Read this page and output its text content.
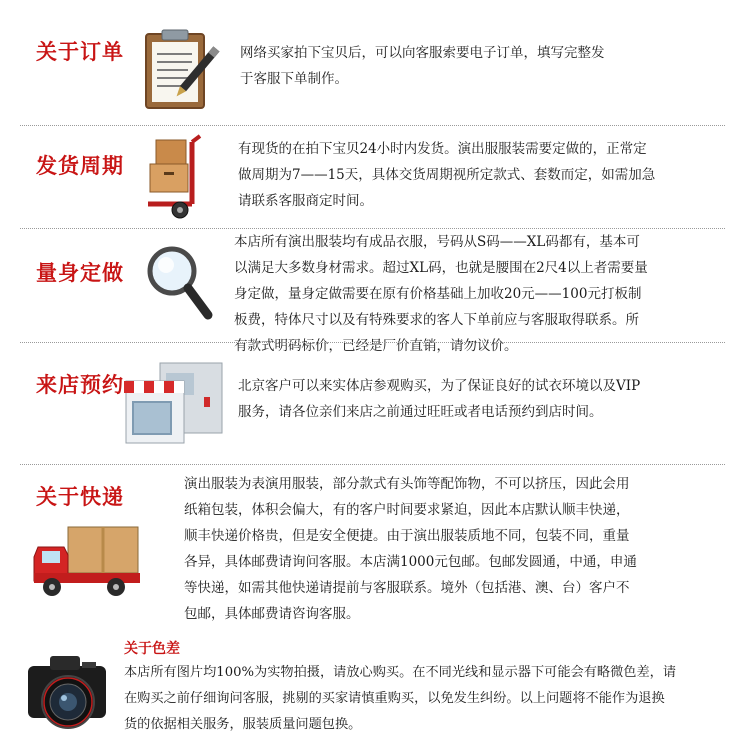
关于订单	网络买家拍下宝贝后，可以向客服索要电子订单，填写完整发
于客服下单制作。
发货周期
有现货的在拍下宝贝24小时内发货。演出服服装需要定做的，正常定
做周期为7——15天，具体交货周期视所定款式、套数而定，如需加急
请联系客服商定时间。
量身定做
本店所有演出服装均有成品衣服，号码从S码——XL码都有，基本可
以满足大多数身材需求。超过XL码，也就是腰围在2尺4以上者需要量
身定做，量身定做需要在原有价格基础上加收20元——100元打板制
板费，特体尺寸以及有特殊要求的客人下单前应与客服取得联系。所
有款式明码标价，已经是厂价直销，请勿议价。
来店预约	北京客户可以来实体店参观购买，为了保证良好的试衣环境以及VIP
服务，请各位亲们来店之前通过旺旺或者电话预约到店时间。
关于快递
演出服装为表演用服装，部分款式有头饰等配饰物，不可以挤压，因此会用
纸箱包装，体积会偏大，有的客户时间要求紧迫，因此本店默认顺丰快递，
顺丰快递价格贵，但是安全便捷。由于演出服装质地不同，包装不同，重量
各异，具体邮费请询问客服。本店满1000元包邮。包邮发圆通，中通，申通
等快递，如需其他快递请提前与客服联系。境外（包括港、澳、台）客户不
包邮，具体邮费请咨询客服。
关于色差
本店所有图片均100%为实物拍摄，请放心购买。在不同光线和显示器下可能会有略微色差，请
在购买之前仔细询问客服，挑剔的买家请慎重购买，以免发生纠纷。以上问题将不能作为退换
货的依据相关服务，服装质量问题包换。
